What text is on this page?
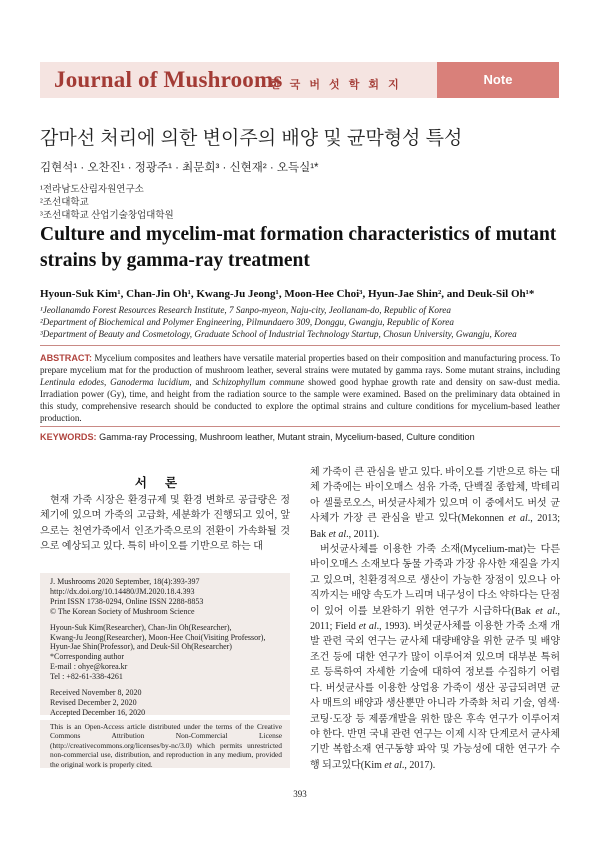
Journal of Mushrooms
한 국 버 섯 학 회 지	Note
감마선 처리에 의한 변이주의 배양 및 균막형성 특성
김현석¹ · 오찬진¹ · 정광주¹ · 최문희³ · 신현재² · 오득실¹*
¹전라남도산림자원연구소
²조선대학교
³조선대학교 산업기술창업대학원
Culture and mycelim-mat formation characteristics of mutant strains by gamma-ray treatment
Hyoun-Suk Kim¹, Chan-Jin Oh¹, Kwang-Ju Jeong¹, Moon-Hee Choi³, Hyun-Jae Shin², and Deuk-Sil Oh¹*
¹Jeollanamdo Forest Resources Research Institute, 7 Sanpo-myeon, Naju-city, Jeollanam-do, Republic of Korea
²Department of Biochemical and Polymer Engineering, Pilmundaero 309, Donggu, Gwangju, Republic of Korea
³Department of Beauty and Cosmetology, Graduate School of Industrial Technology Startup, Chosun University, Gwangju, Korea
ABSTRACT: Mycelium composites and leathers have versatile material properties based on their composition and manufacturing process. To prepare mycelium mat for the production of mushroom leather, several strains were mutated by gamma rays. Some mutant strains, including Lentinula edodes, Ganoderma lucidium, and Schizophyllum commune showed good hyphae growth rate and density on saw-dust media. Irradiation power (Gy), time, and height from the radiation source to the sample were examined. Based on the preliminary data obtained in this study, comprehensive research should be conducted to explore the optimal strains and culture conditions for mycelium-based leather production.
KEYWORDS: Gamma-ray Processing, Mushroom leather, Mutant strain, Mycelium-based, Culture condition
서론

현재 가죽 시장은 환경규제 및 환경 변화로 공급량은 정체기에 있으며 가죽의 고급화, 세분화가 진행되고 있어, 앞으로는 천연가죽에서 인조가죽으로의 전환이 가속화될 것으로 예상되고 있다. 특히 바이오를 기반으로 하는 대

J. Mushrooms 2020 September, 18(4):393-397
http://dx.doi.org/10.14480/JM.2020.18.4.393
Print ISSN 1738-0294, Online ISSN 2288-8853
© The Korean Society of Mushroom Science
Hyoun-Suk Kim(Researcher), Chan-Jin Oh(Researcher),
Kwang-Ju Jeong(Researcher), Moon-Hee Choi(Visiting Professor),
Hyun-Jae Shin(Professor), and Deuk-Sil Oh(Researcher)
*Corresponding author
E-mail : ohye@korea.kr
Tel : +82-61-338-4261
Received November 8, 2020
Revised December 2, 2020
Accepted December 16, 2020
This is an Open-Access article distributed under the terms of the Creative Commons Attribution Non-Commercial License (http://creativecommons.org/licenses/by-nc/3.0) which permits unrestricted non-commercial use, distribution, and reproduction in any medium, provided the original work is properly cited.

체 가죽이 큰 관심을 받고 있다. 바이오를 기반으로 하는 대체 가죽에는 바이오매스 섬유 가죽, 단백질 종합체, 박테리아 셀룰로오스, 버섯균사체가 있으며 이 중에서도 버섯 균사체가 가장 큰 관심을 받고 있다(Mekonnen et al., 2013; Bak et al., 2011).

버섯균사체를 이용한 가죽 소재(Mycelium-mat)는 다른 바이오매스 소재보다 동물 가죽과 가장 유사한 재질을 가지고 있으며, 친환경적으로 생산이 가능한 장점이 있으나 아직까지는 배양 속도가 느리며 내구성이 다소 약하다는 단점이 있어 이를 보완하기 위한 연구가 시급하다(Bak et al., 2011; Field et al., 1993). 버섯균사체를 이용한 가죽 소재 개발 관련 국외 연구는 균사체 대량배양을 위한 균주 및 배양 조건 등에 대한 연구가 많이 이루어져 있으며 대부분 특허로 등록하여 자세한 기술에 대하여 정보를 수집하기 어렵다. 버섯균사를 이용한 상업용 가죽이 생산 공급되려면 균사 매트의 배양과 생산뿐만 아니라 가죽화 처리 기술, 염색·코팅·도장 등 제품개발을 위한 많은 후속 연구가 이루어져야 한다. 반면 국내 관련 연구는 이제 시작 단계로서 균사체 기반 복합소재 연구동향 파악 및 가능성에 대한 연구가 수행 되고있다(Kim et al., 2017).

393
